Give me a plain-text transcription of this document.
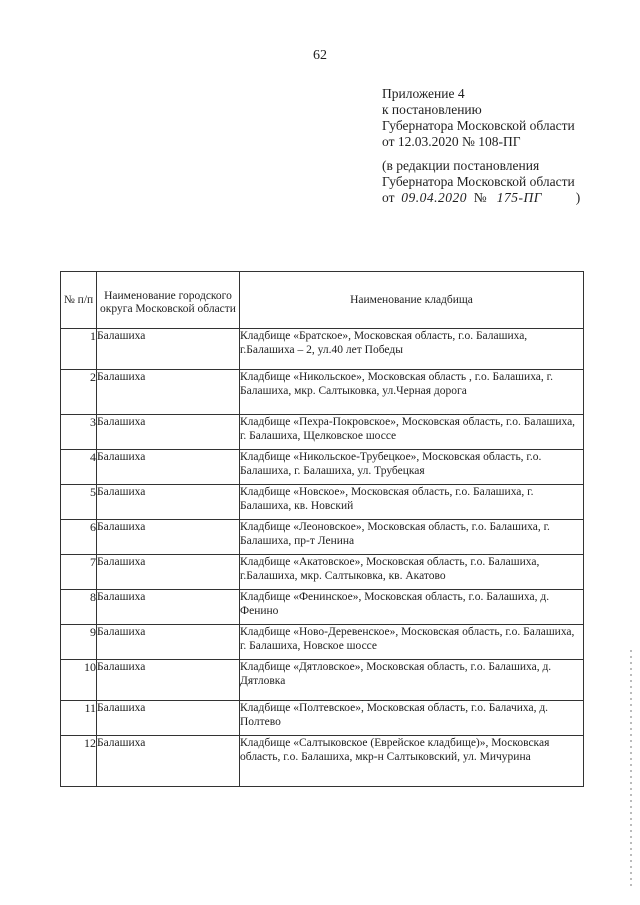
62
Приложение 4
к постановлению
Губернатора Московской области
от 12.03.2020 № 108-ПГ
(в редакции постановления
Губернатора Московской области
от 09.04.2020 № 175-ПГ	)
№ п/п	Наименование городского округа Московской области	Наименование кладбища
1	Балашиха	Кладбище «Братское», Московская область, г.о. Балашиха, г.Балашиха – 2, ул.40 лет Победы
2	Балашиха	Кладбище «Никольское», Московская область , г.о. Балашиха, г. Балашиха, мкр. Салтыковка, ул.Черная дорога
3	Балашиха	Кладбище «Пехра-Покровское», Московская область, г.о. Балашиха, г. Балашиха, Щелковское шоссе
4	Балашиха	Кладбище «Никольское-Трубецкое», Московская область, г.о. Балашиха, г. Балашиха, ул. Трубецкая
5	Балашиха	Кладбище «Новское», Московская область, г.о. Балашиха, г. Балашиха, кв. Новский
6	Балашиха	Кладбище «Леоновское», Московская область, г.о. Балашиха, г. Балашиха, пр-т Ленина
7	Балашиха	Кладбище «Акатовское», Московская область, г.о. Балашиха, г.Балашиха, мкр. Салтыковка, кв. Акатово
8	Балашиха	Кладбище «Фенинское», Московская область, г.о. Балашиха, д. Фенино
9	Балашиха	Кладбище «Ново-Деревенское», Московская область, г.о. Балашиха, г. Балашиха, Новское шоссе
10	Балашиха	Кладбище «Дятловское», Московская область, г.о. Балашиха, д. Дятловка
11	Балашиха	Кладбище «Полтевское», Московская область, г.о. Балачиха, д. Полтево
12	Балашиха	Кладбище «Салтыковское (Еврейское кладбище)», Московская область, г.о. Балашиха, мкр-н Салтыковский, ул. Мичурина
